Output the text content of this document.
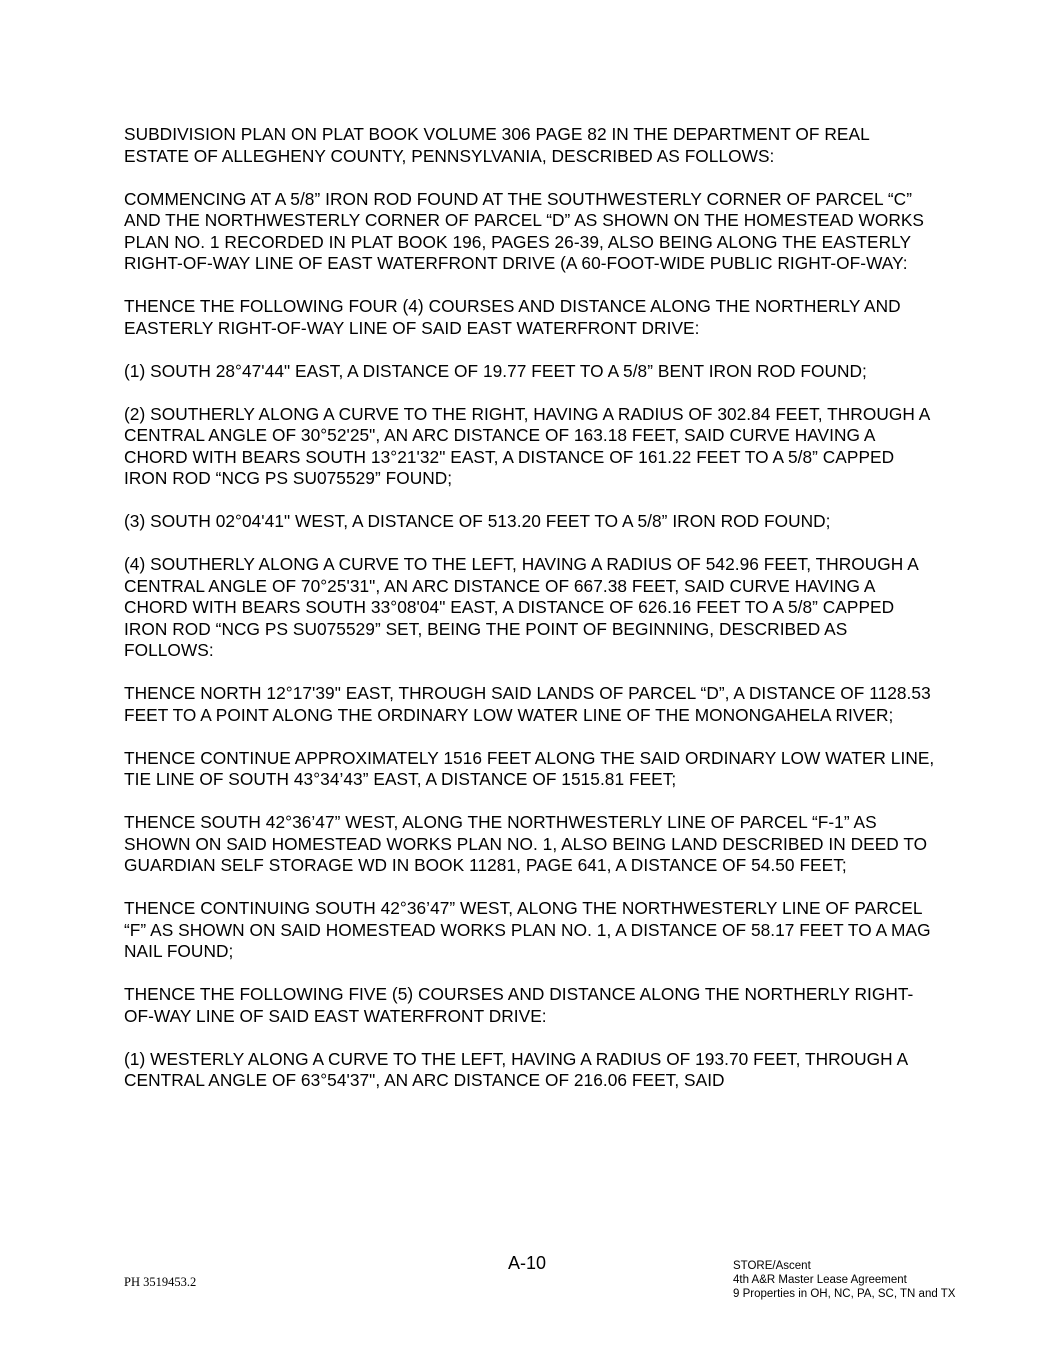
SUBDIVISION PLAN ON PLAT BOOK VOLUME 306 PAGE 82 IN THE DEPARTMENT OF REAL ESTATE OF ALLEGHENY COUNTY, PENNSYLVANIA, DESCRIBED AS FOLLOWS:

COMMENCING AT A 5/8” IRON ROD FOUND AT THE SOUTHWESTERLY CORNER OF PARCEL “C” AND THE NORTHWESTERLY CORNER OF PARCEL “D” AS SHOWN ON THE HOMESTEAD WORKS PLAN NO. 1 RECORDED IN PLAT BOOK 196, PAGES 26-39, ALSO BEING ALONG THE EASTERLY RIGHT-OF-WAY LINE OF EAST WATERFRONT DRIVE (A 60-FOOT-WIDE PUBLIC RIGHT-OF-WAY:

THENCE THE FOLLOWING FOUR (4) COURSES AND DISTANCE ALONG THE NORTHERLY AND EASTERLY RIGHT-OF-WAY LINE OF SAID EAST WATERFRONT DRIVE:

(1) SOUTH 28°47'44" EAST, A DISTANCE OF 19.77 FEET TO A 5/8” BENT IRON ROD FOUND;

(2) SOUTHERLY ALONG A CURVE TO THE RIGHT, HAVING A RADIUS OF 302.84 FEET, THROUGH A CENTRAL ANGLE OF 30°52'25", AN ARC DISTANCE OF 163.18 FEET, SAID CURVE HAVING A CHORD WITH BEARS SOUTH 13°21'32" EAST, A DISTANCE OF 161.22 FEET TO A 5/8” CAPPED IRON ROD “NCG PS SU075529” FOUND;

(3) SOUTH 02°04'41" WEST, A DISTANCE OF 513.20 FEET TO A 5/8” IRON ROD FOUND;

(4) SOUTHERLY ALONG A CURVE TO THE LEFT, HAVING A RADIUS OF 542.96 FEET, THROUGH A CENTRAL ANGLE OF 70°25'31", AN ARC DISTANCE OF 667.38 FEET, SAID CURVE HAVING A CHORD WITH BEARS SOUTH 33°08'04" EAST, A DISTANCE OF 626.16 FEET TO A 5/8” CAPPED IRON ROD “NCG PS SU075529” SET, BEING THE POINT OF BEGINNING, DESCRIBED AS FOLLOWS:

THENCE NORTH 12°17'39" EAST, THROUGH SAID LANDS OF PARCEL “D”, A DISTANCE OF 1128.53 FEET TO A POINT ALONG THE ORDINARY LOW WATER LINE OF THE MONONGAHELA RIVER;

THENCE CONTINUE APPROXIMATELY 1516 FEET ALONG THE SAID ORDINARY LOW WATER LINE, TIE LINE OF SOUTH 43°34’43” EAST, A DISTANCE OF 1515.81 FEET;

THENCE SOUTH 42°36’47” WEST, ALONG THE NORTHWESTERLY LINE OF PARCEL “F-1” AS SHOWN ON SAID HOMESTEAD WORKS PLAN NO. 1, ALSO BEING LAND DESCRIBED IN DEED TO GUARDIAN SELF STORAGE WD IN BOOK 11281, PAGE 641, A DISTANCE OF 54.50 FEET;

THENCE CONTINUING SOUTH 42°36’47” WEST, ALONG THE NORTHWESTERLY LINE OF PARCEL “F” AS SHOWN ON SAID HOMESTEAD WORKS PLAN NO. 1, A DISTANCE OF 58.17 FEET TO A MAG NAIL FOUND;

THENCE THE FOLLOWING FIVE (5) COURSES AND DISTANCE ALONG THE NORTHERLY RIGHT-OF-WAY LINE OF SAID EAST WATERFRONT DRIVE:

(1) WESTERLY ALONG A CURVE TO THE LEFT, HAVING A RADIUS OF 193.70 FEET, THROUGH A CENTRAL ANGLE OF 63°54'37", AN ARC DISTANCE OF 216.06 FEET, SAID

A-10
PH 3519453.2
STORE/Ascent
4th A&R Master Lease Agreement
9 Properties in OH, NC, PA, SC, TN and TX
